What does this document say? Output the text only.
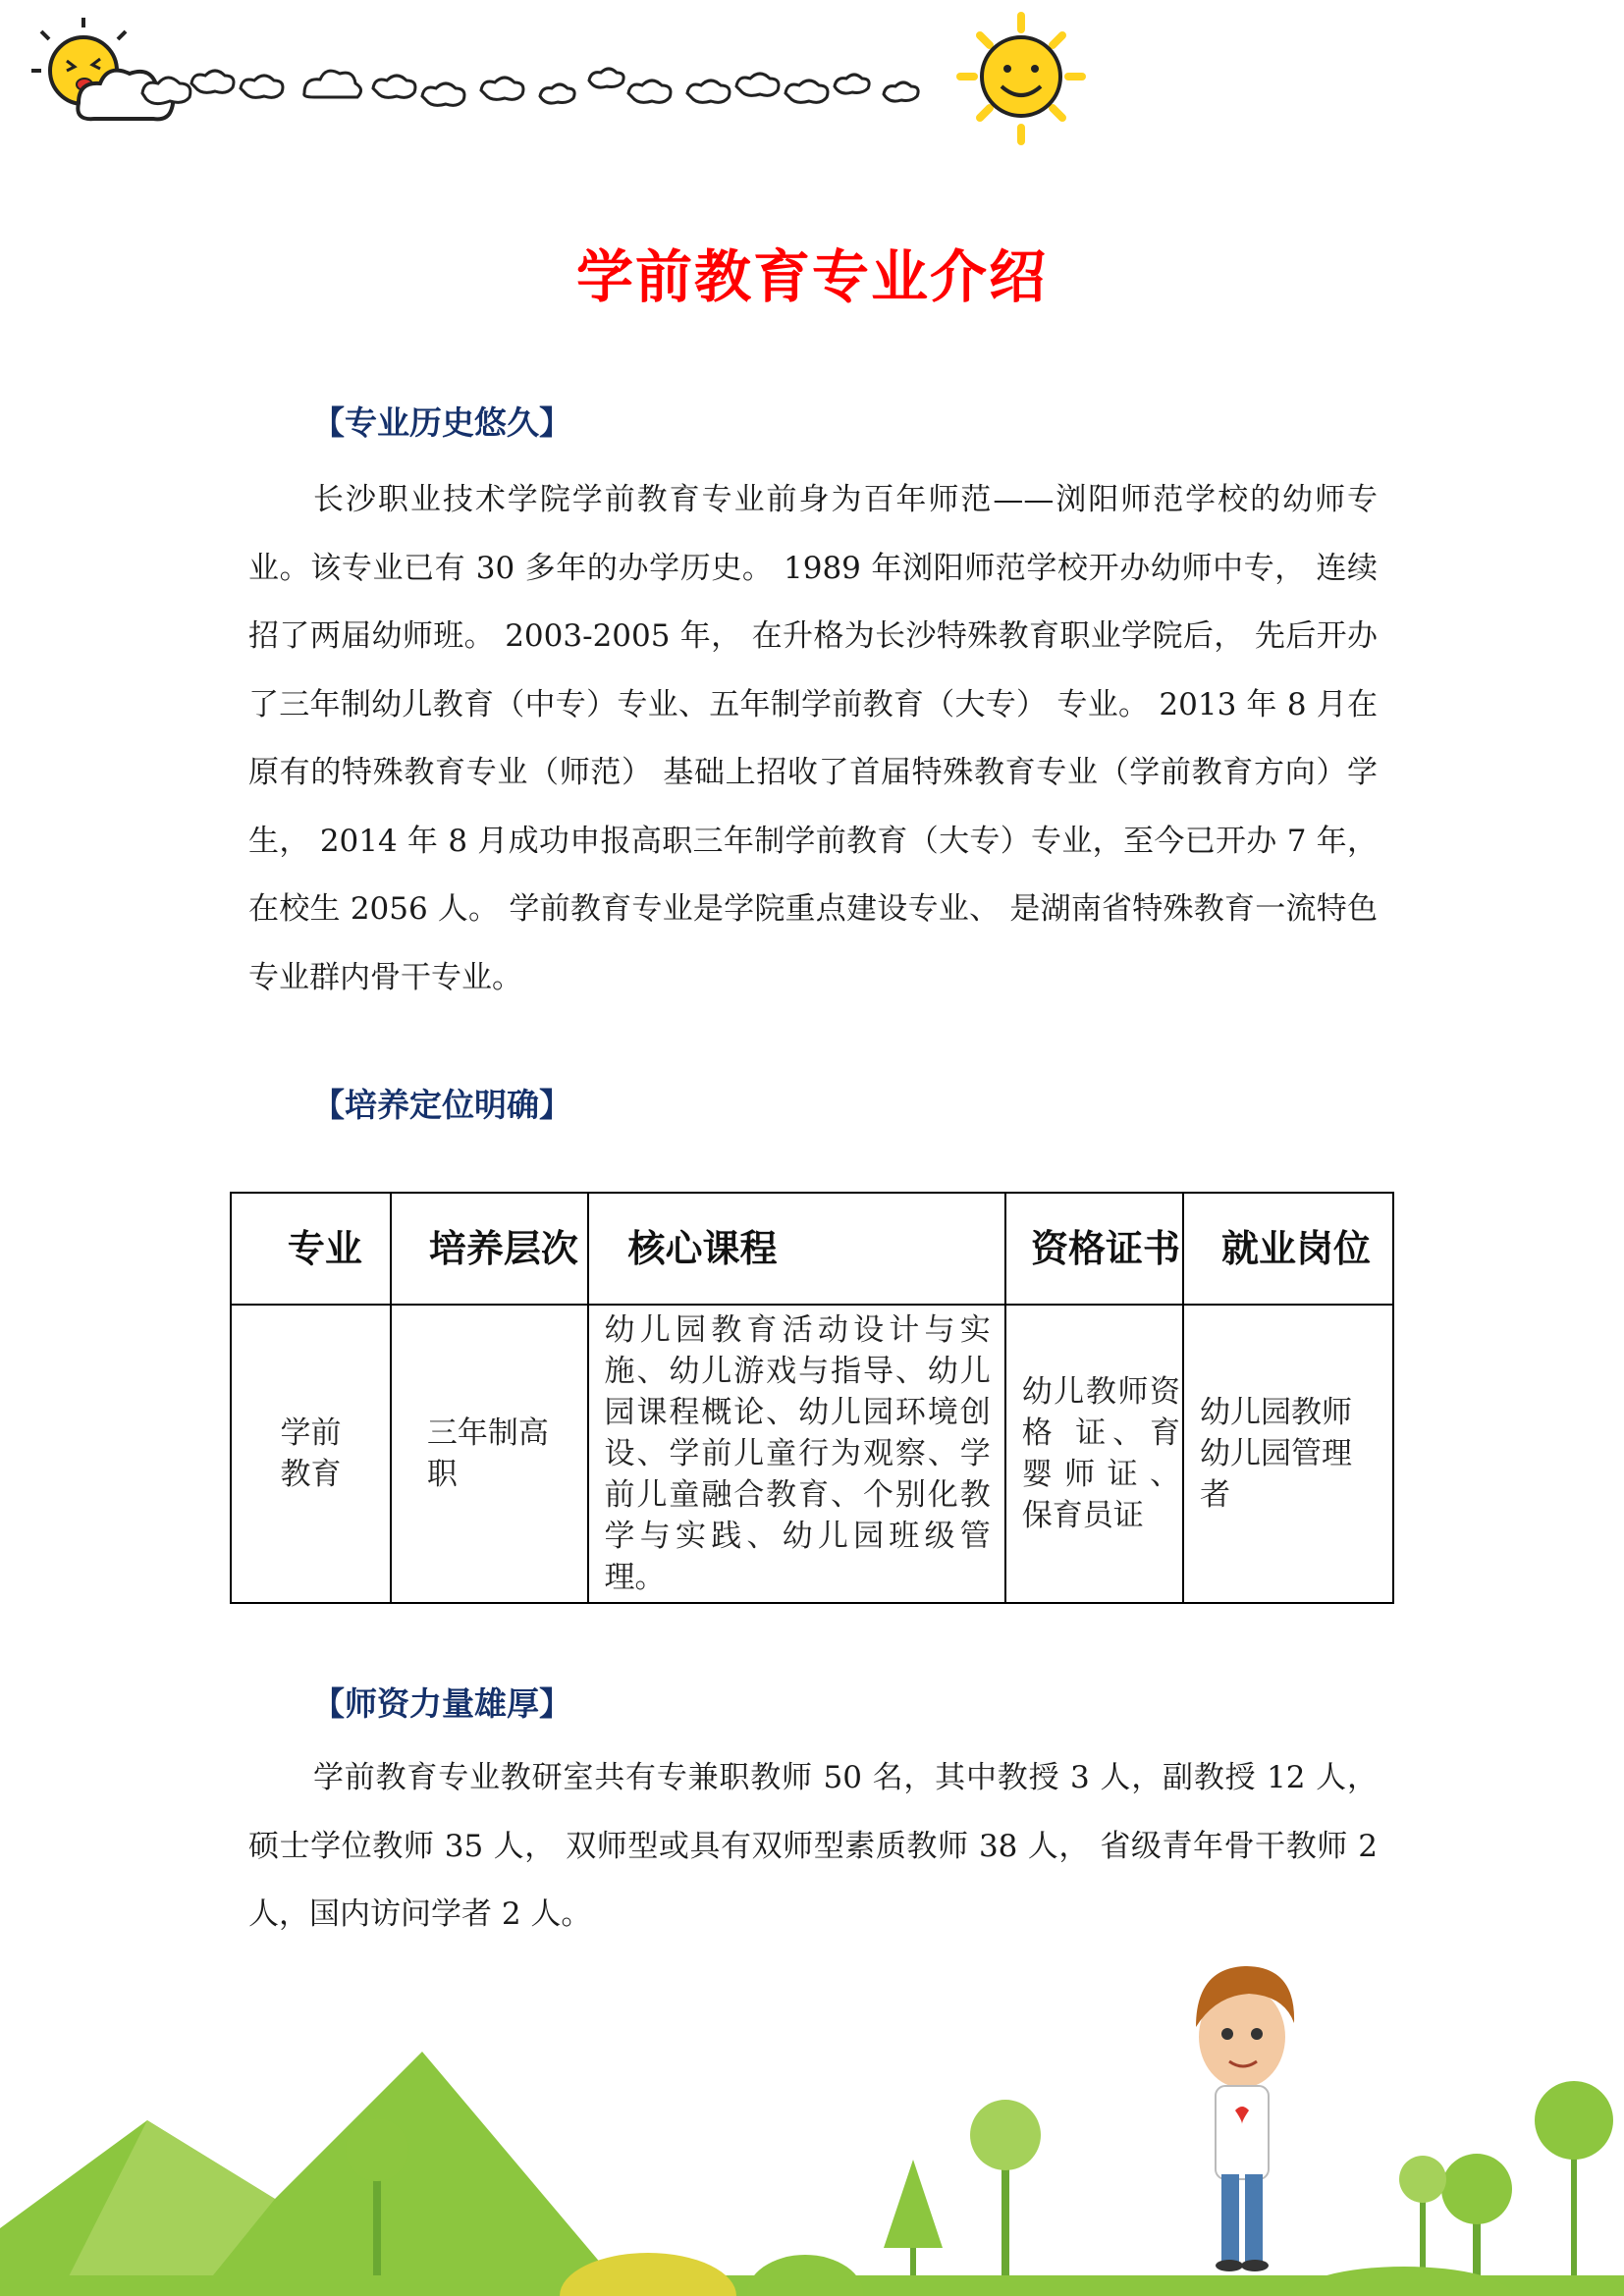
学前教育专业介绍
【专业历史悠久】

长沙职业技术学院学前教育专业前身为百年师范——浏阳师范学校的幼师专业。该专业已有 30 多年的办学历史。 1989 年浏阳师范学校开办幼师中专， 连续招了两届幼师班。 2003-2005 年， 在升格为长沙特殊教育职业学院后， 先后开办了三年制幼儿教育（中专）专业、五年制学前教育（大专） 专业。 2013 年 8 月在原有的特殊教育专业（师范） 基础上招收了首届特殊教育专业（学前教育方向）学生， 2014 年 8 月成功申报高职三年制学前教育（大专）专业，至今已开办 7 年， 在校生 2056 人。 学前教育专业是学院重点建设专业、 是湖南省特殊教育一流特色专业群内骨干专业。

【培养定位明确】
专业	培养层次	核心课程	资格证书	就业岗位

学前教育	三年制高职	幼儿园教育活动设计与实施、幼儿游戏与指导、幼儿园课程概论、幼儿园环境创设、学前儿童行为观察、学前儿童融合教育、个别化教学与实践、幼儿园班级管理。	幼儿教师资格 证、育婴师证、 保育员证	幼儿园教师幼儿园管理者
【师资力量雄厚】

学前教育专业教研室共有专兼职教师 50 名，其中教授 3 人，副教授 12 人，硕士学位教师 35 人， 双师型或具有双师型素质教师 38 人， 省级青年骨干教师 2 人，国内访问学者 2 人。
